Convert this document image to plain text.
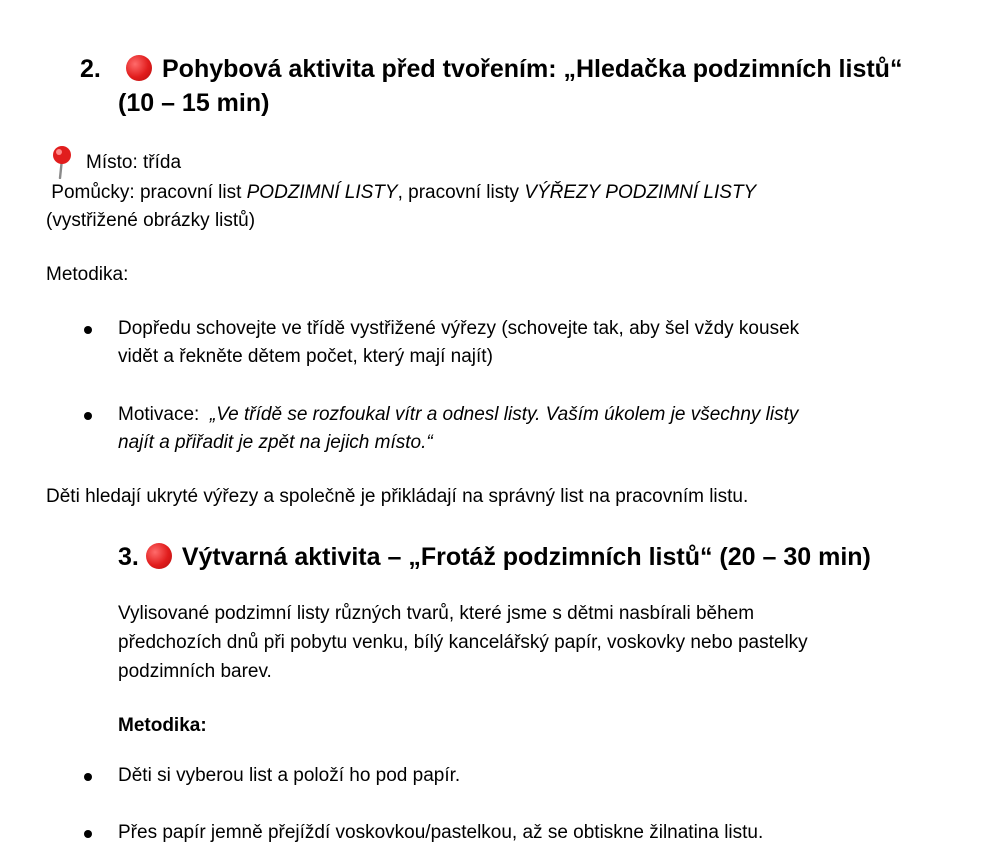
2. Pohybová aktivita před tvořením: „Hledačka podzimních listů“
(10 – 15 min)

Místo: třída

Pomůcky: pracovní list PODZIMNÍ LISTY, pracovní listy VÝŘEZY PODZIMNÍ LISTY

(vystřižené obrázky listů)

Metodika:

Dopředu schovejte ve třídě vystřižené výřezy (schovejte tak, aby šel vždy kousek

vidět a řekněte dětem počet, který mají najít)

Motivace:  „Ve třídě se rozfoukal vítr a odnesl listy. Vaším úkolem je všechny listy

najít a přiřadit je zpět na jejich místo.“

Děti hledají ukryté výřezy a společně je přikládají na správný list na pracovním listu.

3. Výtvarná aktivita – „Frotáž podzimních listů“ (20 – 30 min)

Vylisované podzimní listy různých tvarů, které jsme s dětmi nasbírali během

předchozích dnů při pobytu venku, bílý kancelářský papír, voskovky nebo pastelky

podzimních barev.

Metodika:

Děti si vyberou list a položí ho pod papír.

Přes papír jemně přejíždí voskovkou/pastelkou, až se obtiskne žilnatina listu.
